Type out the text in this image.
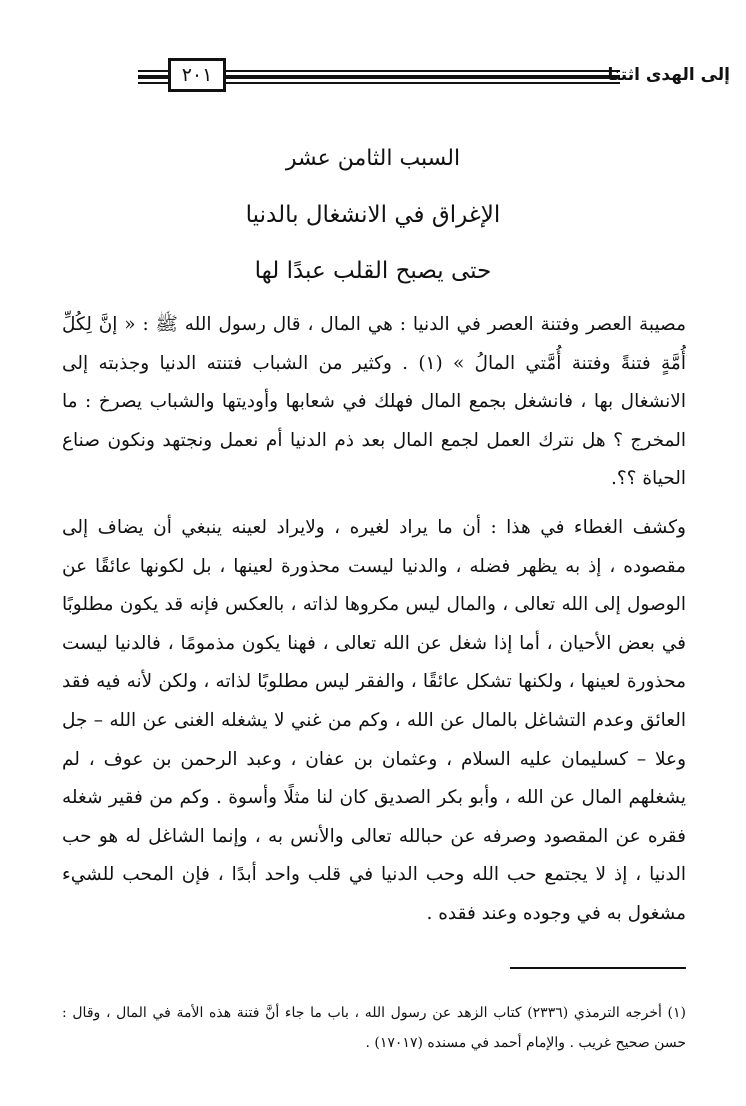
٢٠١	إلى الهدى اثتنا

السبب الثامن عشر

الإغراق في الانشغال بالدنيا

حتى يصبح القلب عبدًا لها

مصيبة العصر وفتنة العصر في الدنيا : هي المال ، قال رسول الله ﷺ : « إنَّ لِكُلِّ أُمَّةٍ فتنةً وفتنة أُمَّتي المالُ » (١) . وكثير من الشباب فتنته الدنيا وجذبته إلى الانشغال بها ، فانشغل بجمع المال فهلك في شعابها وأوديتها والشباب يصرخ : ما المخرج ؟ هل نترك العمل لجمع المال بعد ذم الدنيا أم نعمل ونجتهد ونكون صناع الحياة ؟؟.

وكشف الغطاء في هذا : أن ما يراد لغيره ، ولايراد لعينه ينبغي أن يضاف إلى مقصوده ، إذ به يظهر فضله ، والدنيا ليست محذورة لعينها ، بل لكونها عائقًا عن الوصول إلى الله تعالى ، والمال ليس مكروها لذاته ، بالعكس فإنه قد يكون مطلوبًا في بعض الأحيان ، أما إذا شغل عن الله تعالى ، فهنا يكون مذمومًا ، فالدنيا ليست محذورة لعينها ، ولكنها تشكل عائقًا ، والفقر ليس مطلوبًا لذاته ، ولكن لأنه فيه فقد العائق وعدم التشاغل بالمال عن الله ، وكم من غني لا يشغله الغنى عن الله – جل وعلا – كسليمان عليه السلام ، وعثمان بن عفان ، وعبد الرحمن بن عوف ، لم يشغلهم المال عن الله ، وأبو بكر الصديق كان لنا مثلًا وأسوة . وكم من فقير شغله فقره عن المقصود وصرفه عن حبالله تعالى والأنس به ، وإنما الشاغل له هو حب الدنيا ، إذ لا يجتمع حب الله وحب الدنيا في قلب واحد أبدًا ، فإن المحب للشيء مشغول به في وجوده وعند فقده .

(١) أخرجه الترمذي (٢٣٣٦) كتاب الزهد عن رسول الله ، باب ما جاء أنَّ فتنة هذه الأمة في المال ، وقال : حسن صحيح غريب . والإمام أحمد في مسنده (١٧٠١٧) .
